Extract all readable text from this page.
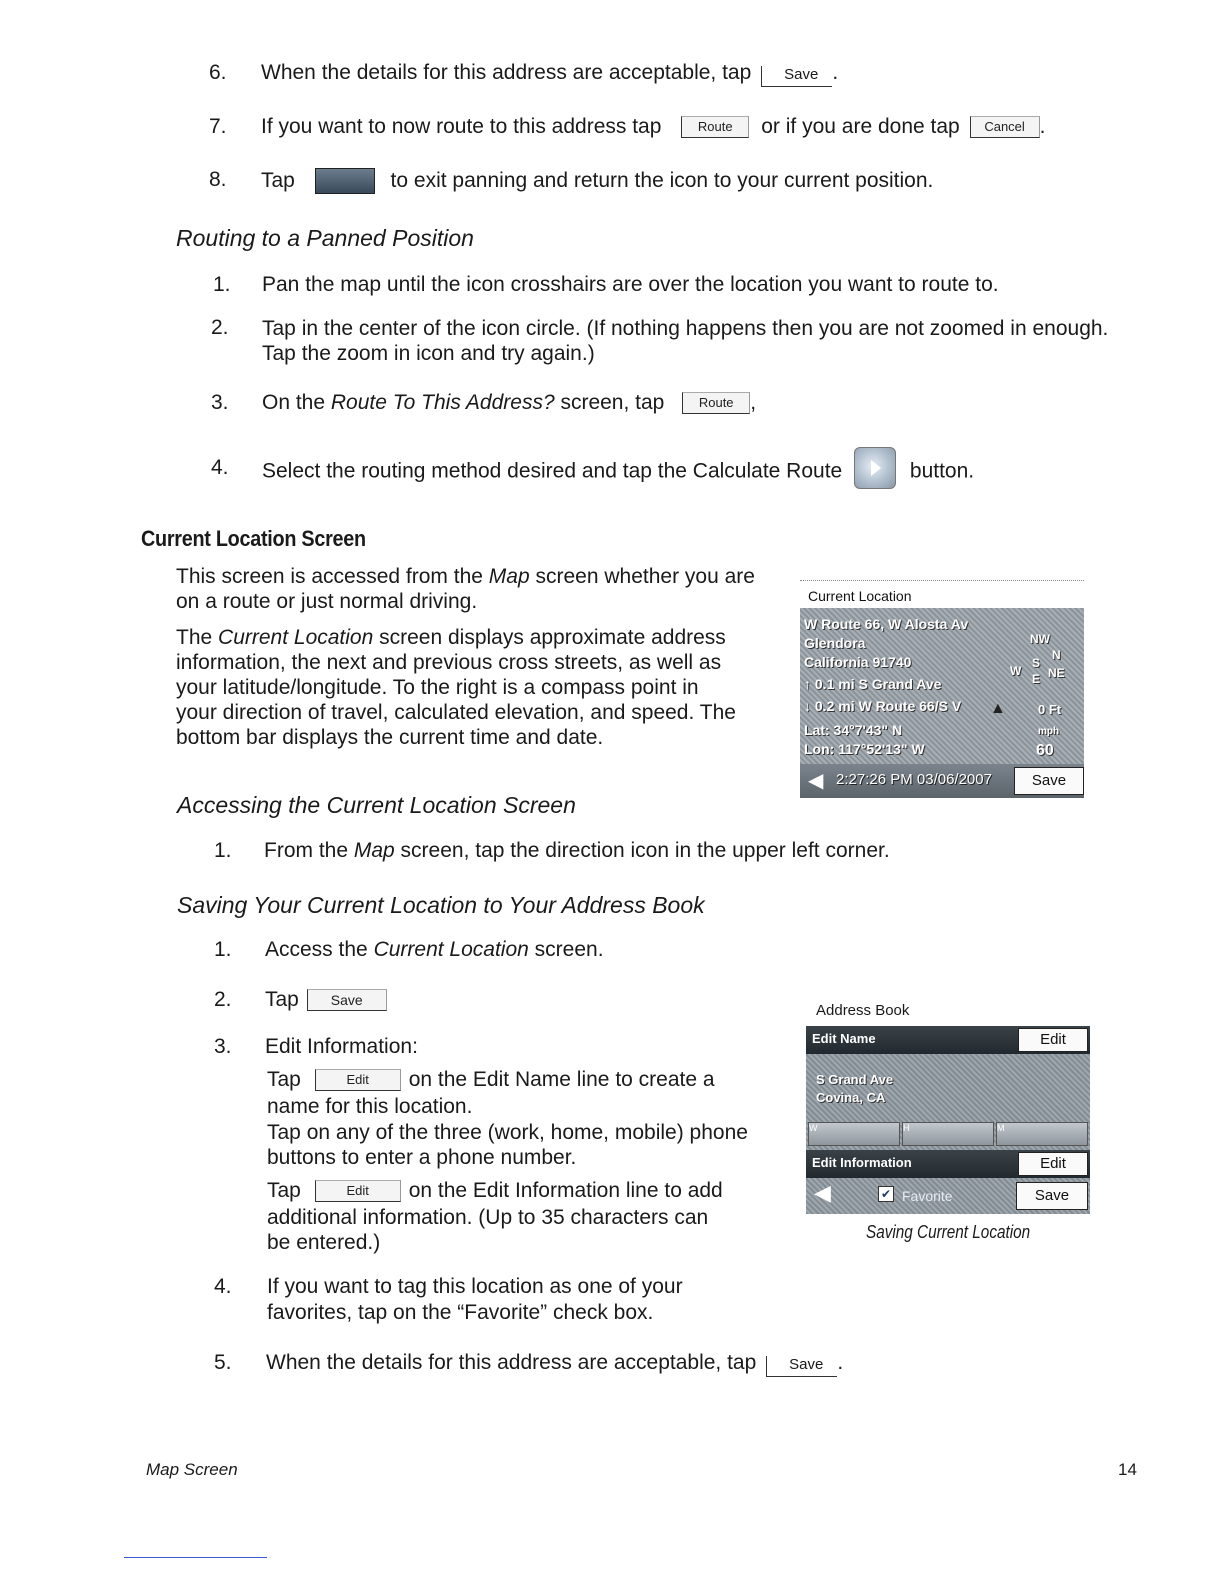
6. When the details for this address are acceptable, tap Save .
7. If you want to now route to this address tap	Route or if you are done tap Cancel .
8. Tap	to exit panning and return the icon to your current position.
Routing to a Panned Position
1. Pan the map until the icon crosshairs are over the location you want to route to.
2. Tap in the center of the icon circle. (If nothing happens then you are not zoomed in enough.
Tap the zoom in icon and try again.)
3. On the Route To This Address? screen, tap	Route ,
4. Select the routing method desired and tap the Calculate Route	button.
Current Location Screen
This screen is accessed from the Map screen whether you are
on a route or just normal driving.
The Current Location screen displays approximate address
information, the next and previous cross streets, as well as
your latitude/longitude. To the right is a compass point in
your direction of travel, calculated elevation, and speed. The
bottom bar displays the current time and date.
Current Location
W Route 66, W Alosta Av
Glendora
California 91740
↑ 0.1 mi S Grand Ave
↓ 0.2 mi W Route 66/S V
Lat: 34°7'43" N
Lon: 117°52'13" W
NW
N
W
S
E NE
▲ 0 Ft
mph
60
◀ 2:27:26 PM 03/06/2007	Save
Accessing the Current Location Screen
1. From the Map screen, tap the direction icon in the upper left corner.
Saving Your Current Location to Your Address Book
1. Access the Current Location screen.
2. Tap Save
3. Edit Information:
Tap	Edit on the Edit Name line to create a
name for this location.
Tap on any of the three (work, home, mobile) phone
buttons to enter a phone number.
Tap	Edit on the Edit Information line to add
additional information. (Up to 35 characters can
be entered.)
4. If you want to tag this location as one of your
favorites, tap on the “Favorite” check box.
5. When the details for this address are acceptable, tap Save .
Address Book
Edit Name	Edit
S Grand Ave
Covina, CA
W	H	M
Edit Information	Edit
◀	✔ Favorite	Save
Saving Current Location
Map Screen	14
